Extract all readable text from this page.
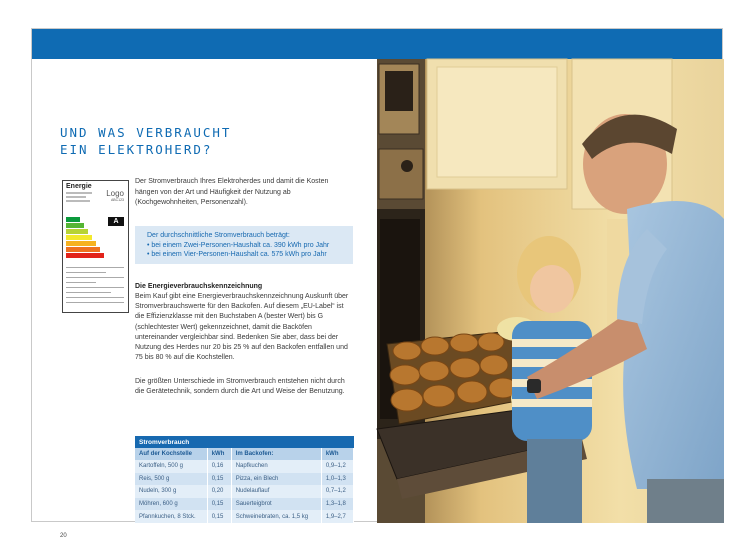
UND WAS VERBRAUCHT
EIN ELEKTROHERD?
Energie
Logo
ABC123
A
Der Stromverbrauch Ihres Elektroherdes und damit die Kosten hängen von der Art und Häufigkeit der Nutzung ab (Kochgewohnheiten, Personenzahl).
Der durchschnittliche Stromverbrauch beträgt:
• bei einem Zwei-Personen-Haushalt ca. 390 kWh pro Jahr
• bei einem Vier-Personen-Haushalt ca. 575 kWh pro Jahr
Die Energieverbrauchskennzeichnung
Beim Kauf gibt eine Energieverbrauchskennzeichnung Auskunft über Stromverbrauchswerte für den Backofen. Auf diesem „EU-Label“ ist die Effizienzklasse mit den Buchstaben A (bester Wert) bis G (schlechtester Wert) gekennzeichnet, damit die Backöfen untereinander vergleichbar sind. Bedenken Sie aber, dass bei der Nutzung des Herdes nur 20 bis 25 % auf den Backofen entfallen und 75 bis 80 % auf die Kochstellen.
Die größten Unterschiede im Stromverbrauch entstehen nicht durch die Gerätetechnik, sondern durch die Art und Weise der Benutzung.
Stromverbrauch			
Auf der Kochstelle	kWh	Im Backofen:	kWh
Kartoffeln, 500 g	0,16	Napfkuchen	0,9–1,2
Reis, 500 g	0,15	Pizza, ein Blech	1,0–1,3
Nudeln, 300 g	0,20	Nudelauflauf	0,7–1,2
Möhren, 600 g	0,15	Sauerteigbrot	1,3–1,8
Pfannkuchen, 8 Stck.	0,15	Schweinebraten, ca. 1,5 kg	1,9–2,7
20
